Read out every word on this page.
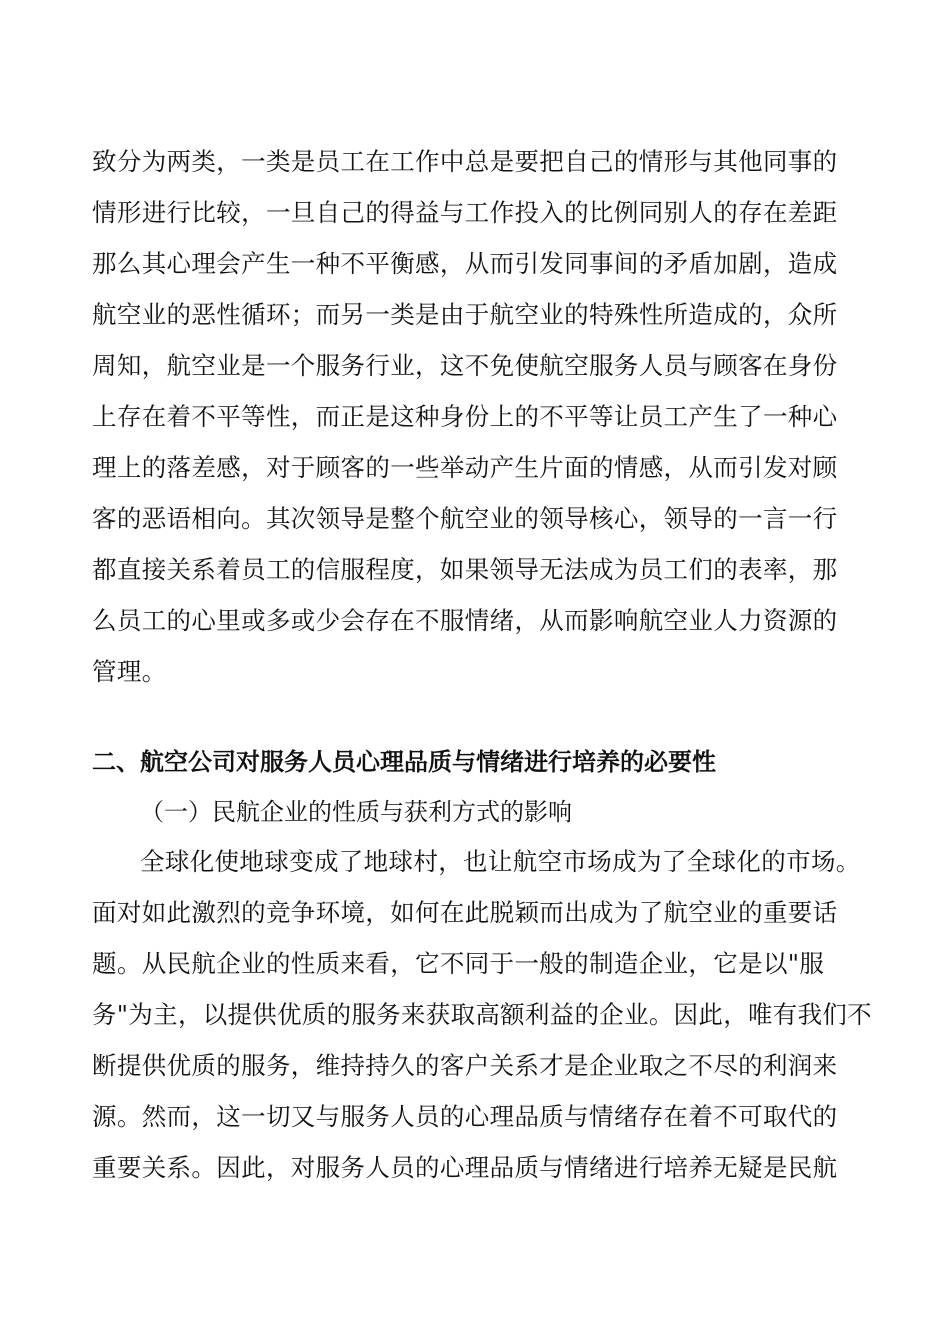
致分为两类，一类是员工在工作中总是要把自己的情形与其他同事的
情形进行比较，一旦自己的得益与工作投入的比例同别人的存在差距
那么其心理会产生一种不平衡感，从而引发同事间的矛盾加剧，造成
航空业的恶性循环；而另一类是由于航空业的特殊性所造成的，众所
周知，航空业是一个服务行业，这不免使航空服务人员与顾客在身份
上存在着不平等性，而正是这种身份上的不平等让员工产生了一种心
理上的落差感，对于顾客的一些举动产生片面的情感，从而引发对顾
客的恶语相向。其次领导是整个航空业的领导核心，领导的一言一行
都直接关系着员工的信服程度，如果领导无法成为员工们的表率，那
么员工的心里或多或少会存在不服情绪，从而影响航空业人力资源的
管理。
二、航空公司对服务人员心理品质与情绪进行培养的必要性
（一）民航企业的性质与获利方式的影响
全球化使地球变成了地球村，也让航空市场成为了全球化的市场。
面对如此激烈的竞争环境，如何在此脱颖而出成为了航空业的重要话
题。从民航企业的性质来看，它不同于一般的制造企业，它是以"服
务"为主，以提供优质的服务来获取高额利益的企业。因此，唯有我们不
断提供优质的服务，维持持久的客户关系才是企业取之不尽的利润来
源。然而，这一切又与服务人员的心理品质与情绪存在着不可取代的
重要关系。因此，对服务人员的心理品质与情绪进行培养无疑是民航
